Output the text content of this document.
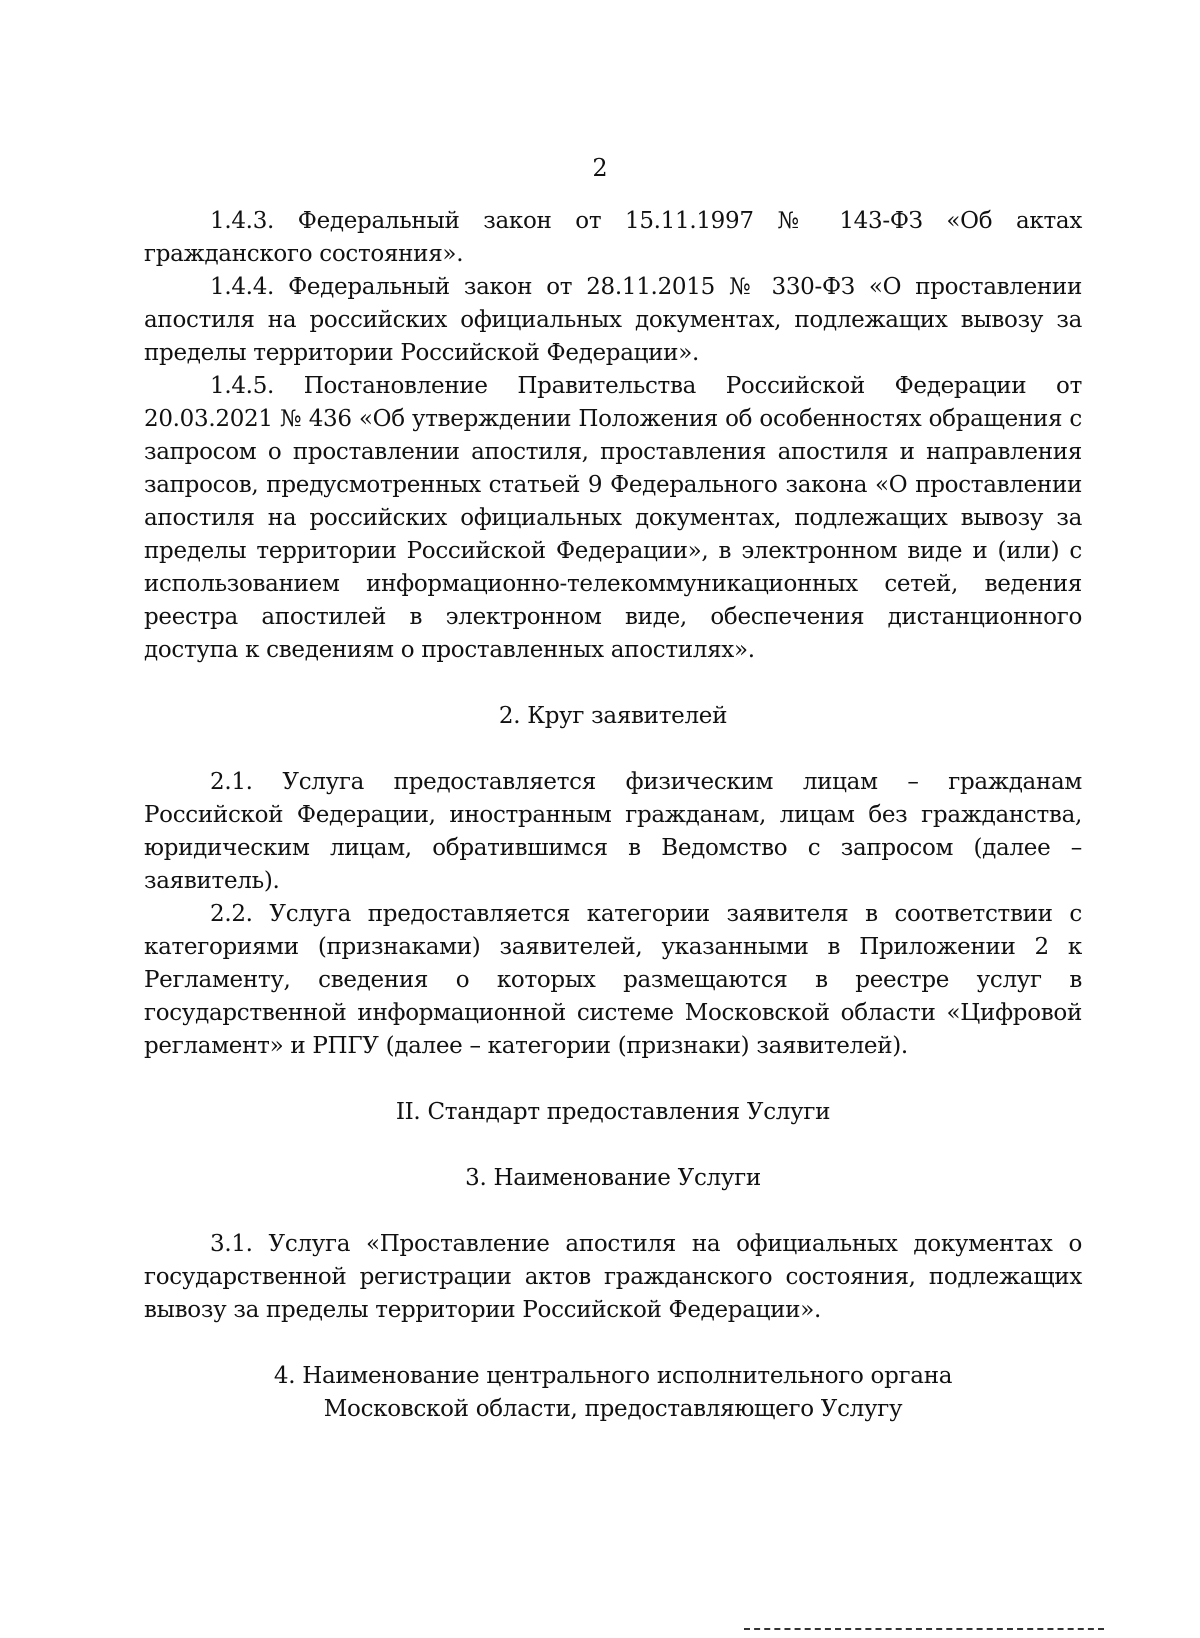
2

1.4.3. Федеральный закон от 15.11.1997 № 143-ФЗ «Об актах гражданского состояния».

1.4.4. Федеральный закон от 28.11.2015 № 330-ФЗ «О проставлении апостиля на российских официальных документах, подлежащих вывозу за пределы территории Российской Федерации».

1.4.5. Постановление Правительства Российской Федерации от 20.03.2021 № 436 «Об утверждении Положения об особенностях обращения с запросом о проставлении апостиля, проставления апостиля и направления запросов, предусмотренных статьей 9 Федерального закона «О проставлении апостиля на российских официальных документах, подлежащих вывозу за пределы территории Российской Федерации», в электронном виде и (или) с использованием информационно-телекоммуникационных сетей, ведения реестра апостилей в электронном виде, обеспечения дистанционного доступа к сведениям о проставленных апостилях».

2. Круг заявителей

2.1. Услуга предоставляется физическим лицам – гражданам Российской Федерации, иностранным гражданам, лицам без гражданства, юридическим лицам, обратившимся в Ведомство с запросом (далее – заявитель).

2.2. Услуга предоставляется категории заявителя в соответствии с категориями (признаками) заявителей, указанными в Приложении 2 к Регламенту, сведения о которых размещаются в реестре услуг в государственной информационной системе Московской области «Цифровой регламент» и РПГУ (далее – категории (признаки) заявителей).

II. Стандарт предоставления Услуги

3. Наименование Услуги

3.1. Услуга «Проставление апостиля на официальных документах о государственной регистрации актов гражданского состояния, подлежащих вывозу за пределы территории Российской Федерации».

4. Наименование центрального исполнительного органа
Московской области, предоставляющего Услугу
